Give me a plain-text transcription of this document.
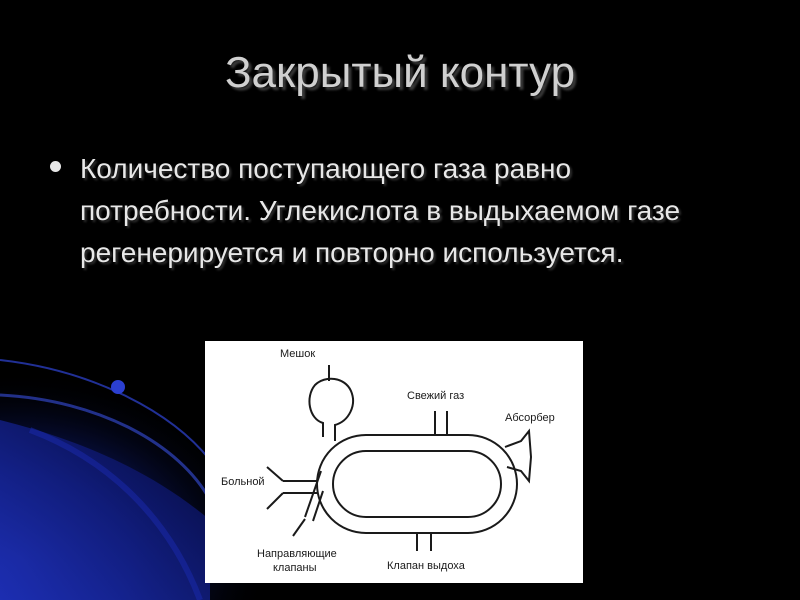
Закрытый контур
Количество поступающего газа равно потребности. Углекислота в выдыхаемом газе регенерируется и повторно используется.
Мешок
Свежий газ
Абсорбер
Больной
Направляющие
клапаны	Клапан выдоха
